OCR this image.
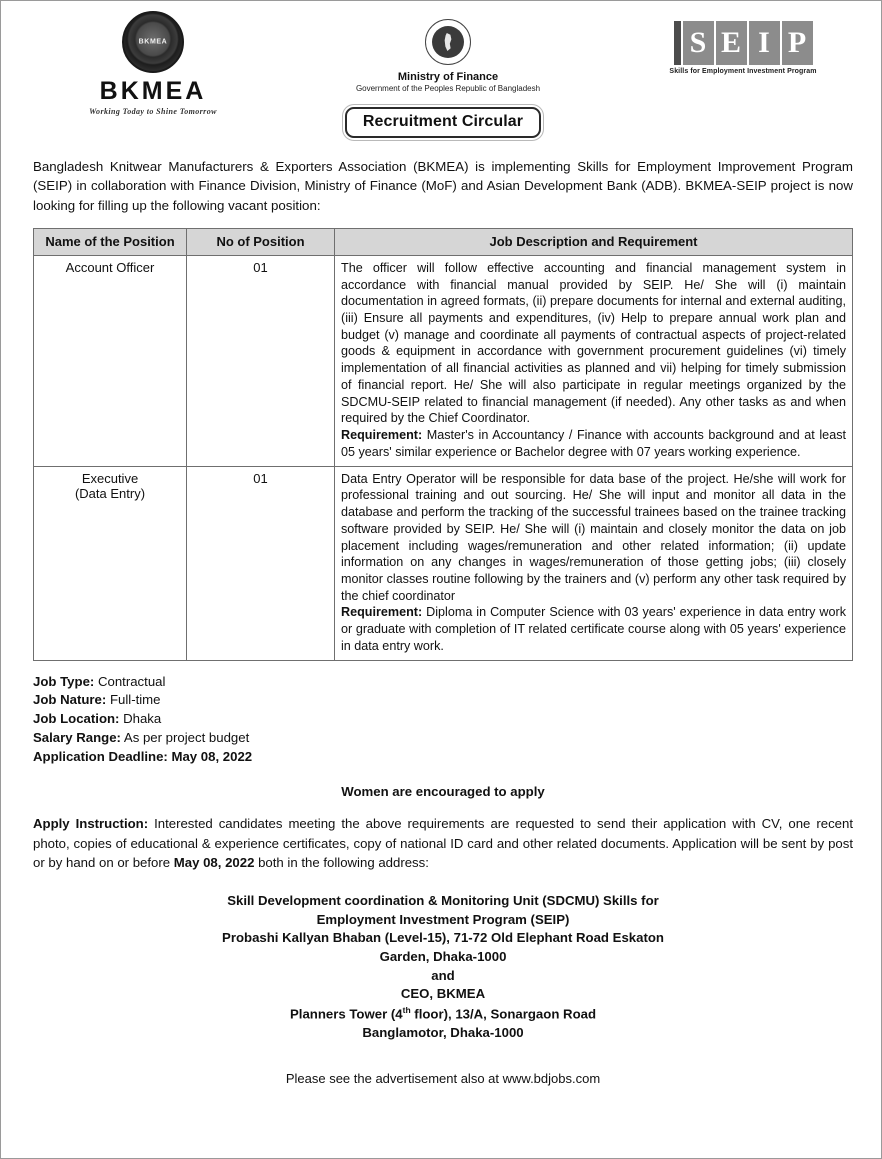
BKMEA
BKMEA
Working Today to Shine Tomorrow
Ministry of Finance
Government of the Peoples Republic of Bangladesh
S E I P
Skills for Employment Investment Program
Recruitment Circular
Bangladesh Knitwear Manufacturers & Exporters Association (BKMEA) is implementing Skills for Employment Improvement Program (SEIP) in collaboration with Finance Division, Ministry of Finance (MoF) and Asian Development Bank (ADB). BKMEA-SEIP project is now looking for filling up the following vacant position:
Name of the Position	No of Position	Job Description and Requirement
Account Officer	01	The officer will follow effective accounting and financial management system in accordance with financial manual provided by SEIP. He/ She will (i) maintain documentation in agreed formats, (ii) prepare documents for internal and external auditing, (iii) Ensure all payments and expenditures, (iv) Help to prepare annual work plan and budget (v) manage and coordinate all payments of contractual aspects of project-related goods & equipment in accordance with government procurement guidelines (vi) timely implementation of all financial activities as planned and vii) helping for timely submission of financial report. He/ She will also participate in regular meetings organized by the SDCMU-SEIP related to financial management (if needed). Any other tasks as and when required by the Chief Coordinator.
Requirement: Master's in Accountancy / Finance with accounts background and at least 05 years' similar experience or Bachelor degree with 07 years working experience.
Executive
(Data Entry)	01	Data Entry Operator will be responsible for data base of the project. He/she will work for professional training and out sourcing. He/ She will input and monitor all data in the database and perform the tracking of the successful trainees based on the trainee tracking software provided by SEIP. He/ She will (i) maintain and closely monitor the data on job placement including wages/remuneration and other related information; (ii) update information on any changes in wages/remuneration of those getting jobs; (iii) closely monitor classes routine following by the trainers and (v) perform any other task required by the chief coordinator
Requirement: Diploma in Computer Science with 03 years' experience in data entry work or graduate with completion of IT related certificate course along with 05 years' experience in data entry work.
Job Type: Contractual
Job Nature: Full-time
Job Location: Dhaka
Salary Range: As per project budget
Application Deadline: May 08, 2022
Women are encouraged to apply
Apply Instruction: Interested candidates meeting the above requirements are requested to send their application with CV, one recent photo, copies of educational & experience certificates, copy of national ID card and other related documents. Application will be sent by post or by hand on or before May 08, 2022 both in the following address:
Skill Development coordination & Monitoring Unit (SDCMU) Skills for
Employment Investment Program (SEIP)
Probashi Kallyan Bhaban (Level-15), 71-72 Old Elephant Road Eskaton
Garden, Dhaka-1000
and
CEO, BKMEA
Planners Tower (4th floor), 13/A, Sonargaon Road
Banglamotor, Dhaka-1000
Please see the advertisement also at www.bdjobs.com
